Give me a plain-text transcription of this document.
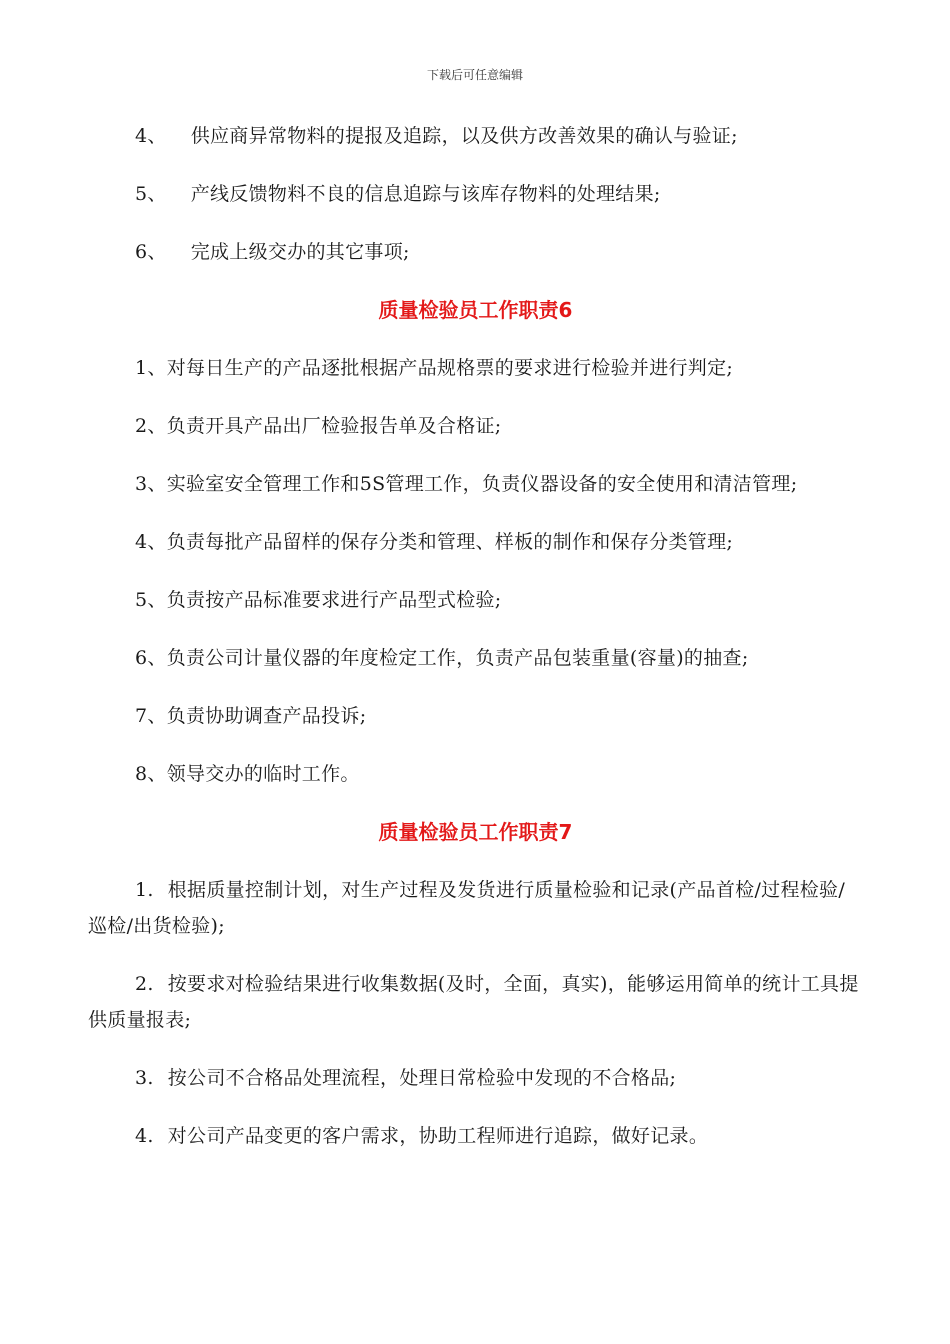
下载后可任意编辑

4、 供应商异常物料的提报及追踪，以及供方改善效果的确认与验证;

5、 产线反馈物料不良的信息追踪与该库存物料的处理结果;

6、 完成上级交办的其它事项;

质量检验员工作职责6

1、对每日生产的产品逐批根据产品规格票的要求进行检验并进行判定;

2、负责开具产品出厂检验报告单及合格证;

3、实验室安全管理工作和5S管理工作，负责仪器设备的安全使用和清洁管理;

4、负责每批产品留样的保存分类和管理、样板的制作和保存分类管理;

5、负责按产品标准要求进行产品型式检验;

6、负责公司计量仪器的年度检定工作，负责产品包装重量(容量)的抽查;

7、负责协助调查产品投诉;

8、领导交办的临时工作。

质量检验员工作职责7

1. 根据质量控制计划，对生产过程及发货进行质量检验和记录(产品首检/过程检验/巡检/出货检验);

2. 按要求对检验结果进行收集数据(及时，全面，真实)，能够运用简单的统计工具提供质量报表;

3. 按公司不合格品处理流程，处理日常检验中发现的不合格品;

4. 对公司产品变更的客户需求，协助工程师进行追踪，做好记录。
